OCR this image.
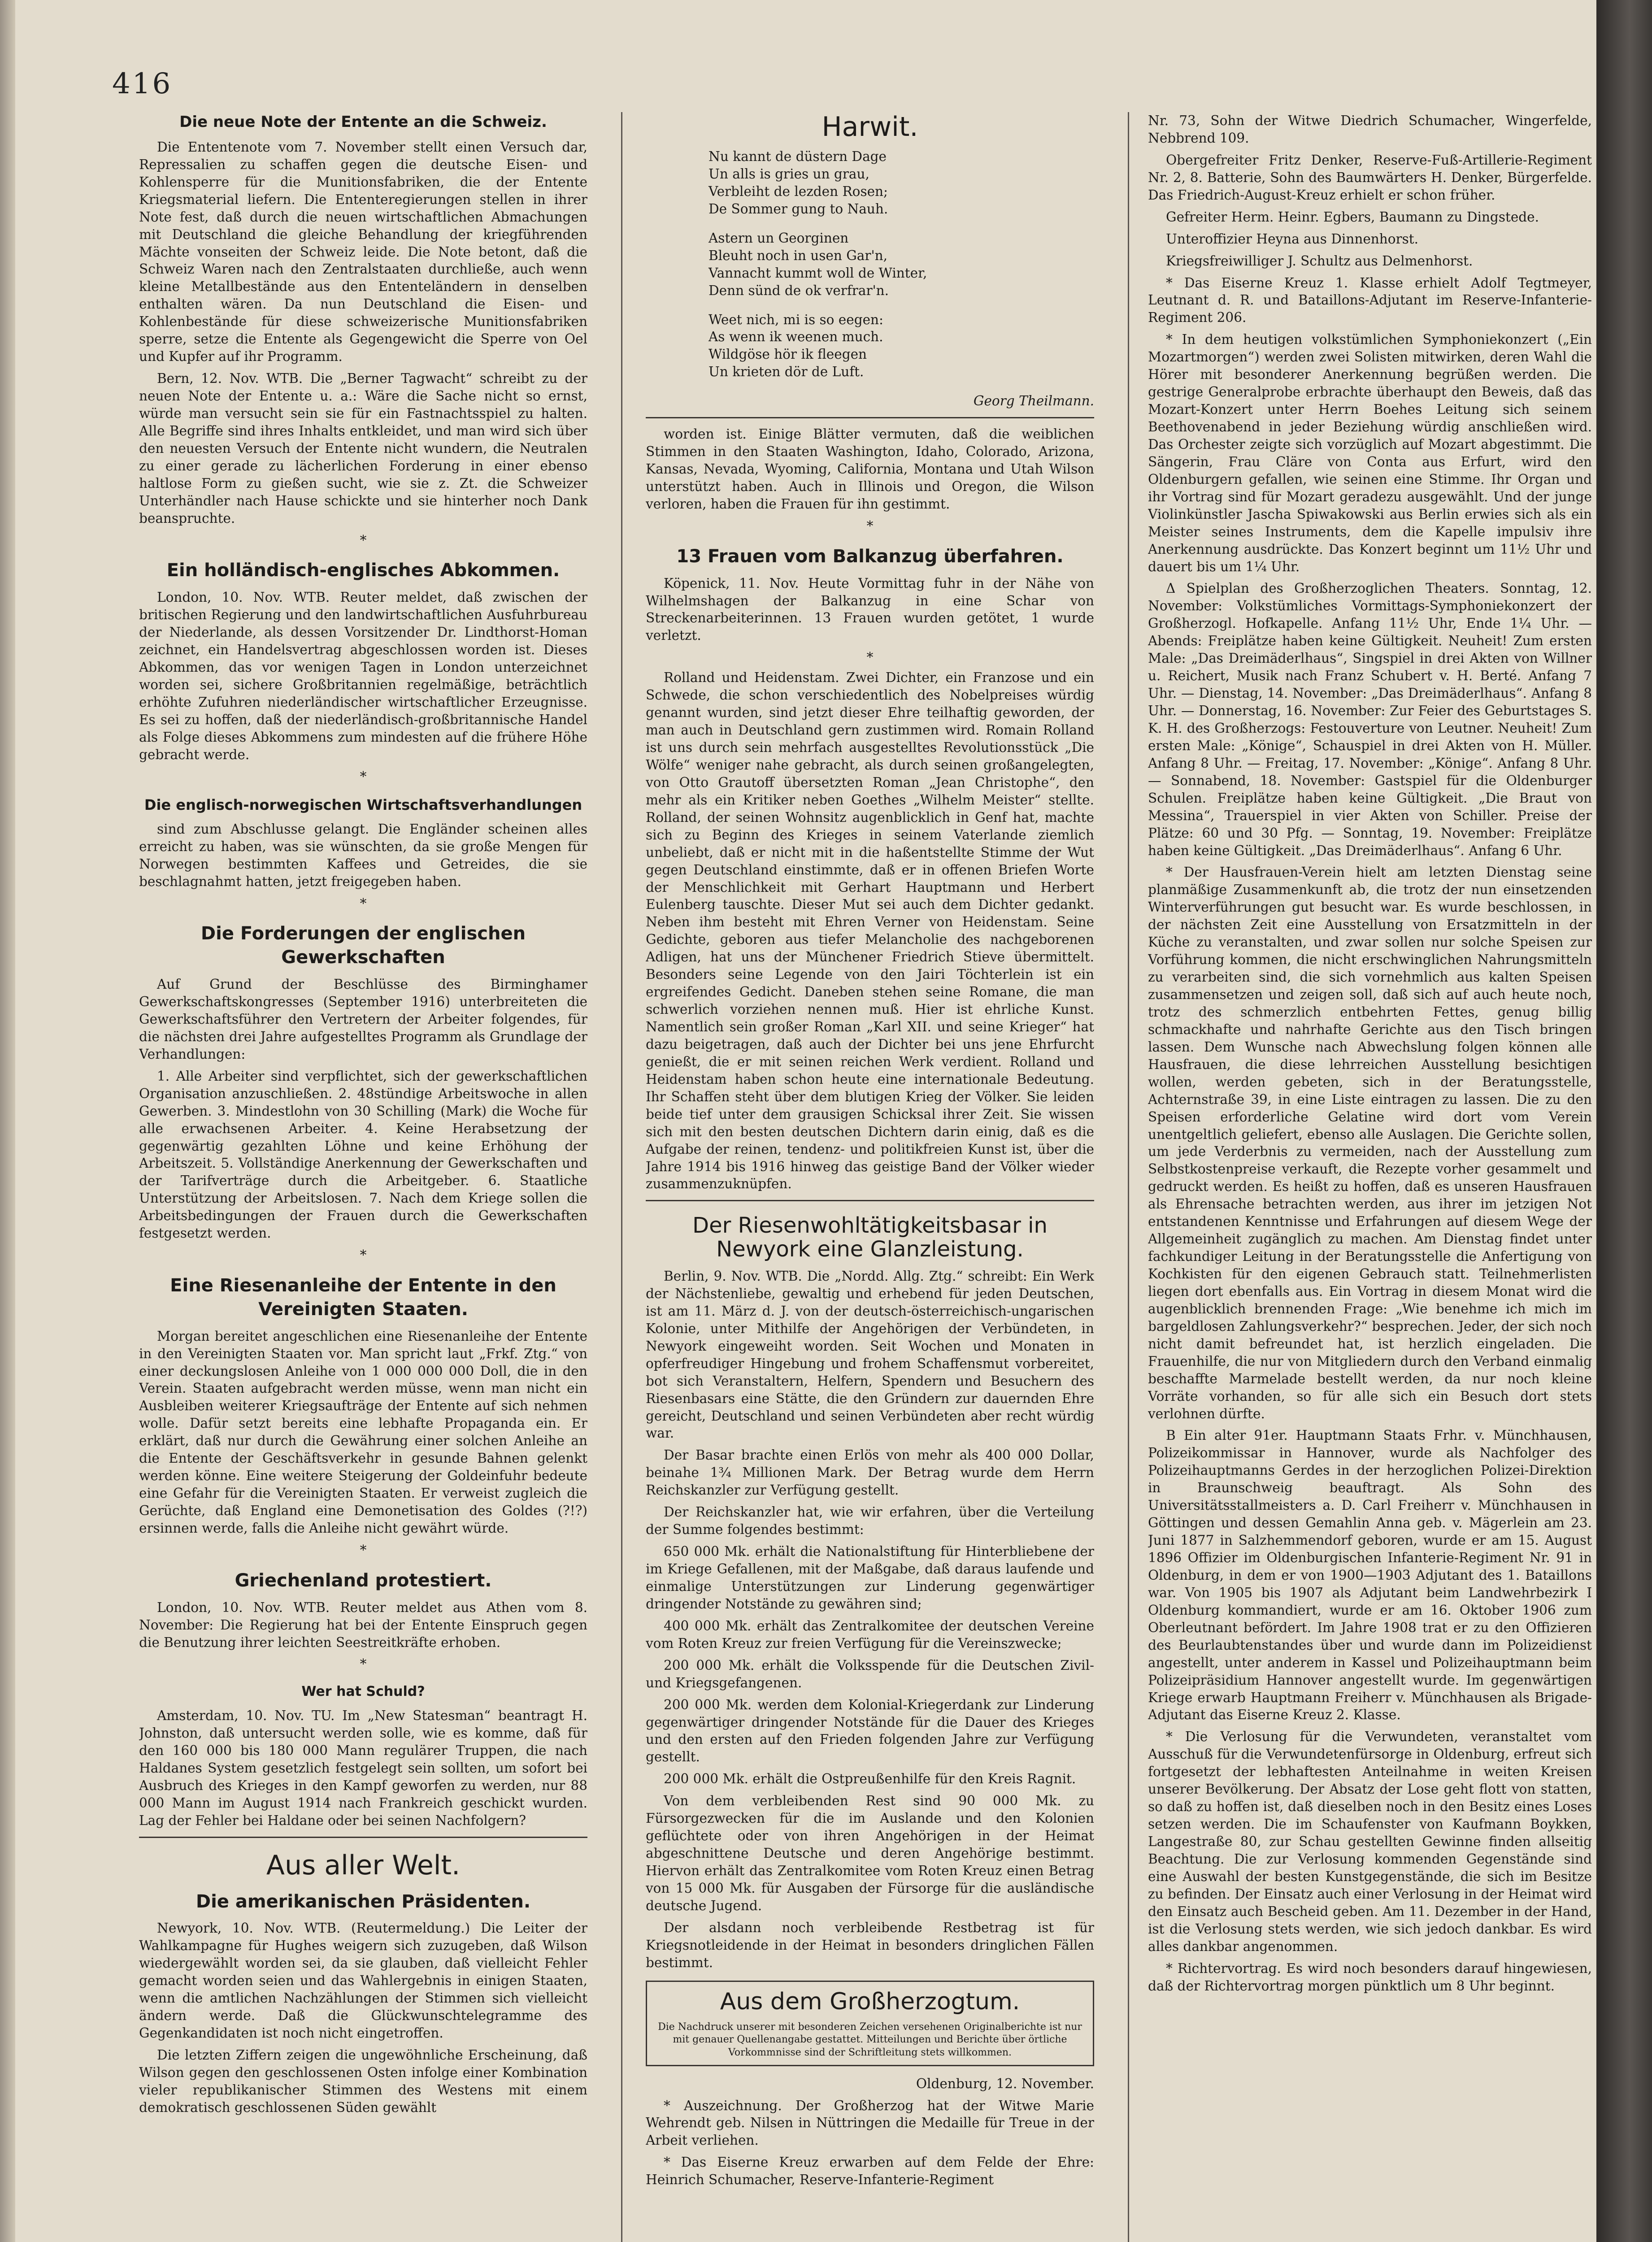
416
Die neue Note der Entente an die Schweiz.

Die Ententenote vom 7. November stellt einen Versuch dar, Repressalien zu schaffen gegen die deutsche Eisen- und Kohlensperre für die Munitionsfabriken, die der Entente Kriegsmaterial liefern. Die Ententeregierungen stellen in ihrer Note fest, daß durch die neuen wirtschaftlichen Abmachungen mit Deutschland die gleiche Behandlung der kriegführenden Mächte vonseiten der Schweiz leide. Die Note betont, daß die Schweiz Waren nach den Zentralstaaten durchließe, auch wenn kleine Metallbestände aus den Ententeländern in denselben enthalten wären. Da nun Deutschland die Eisen- und Kohlenbestände für diese schweizerische Munitionsfabriken sperre, setze die Entente als Gegengewicht die Sperre von Oel und Kupfer auf ihr Programm.

Bern, 12. Nov. WTB. Die „Berner Tagwacht“ schreibt zu der neuen Note der Entente u. a.: Wäre die Sache nicht so ernst, würde man versucht sein sie für ein Fastnachtsspiel zu halten. Alle Begriffe sind ihres Inhalts entkleidet, und man wird sich über den neuesten Versuch der Entente nicht wundern, die Neutralen zu einer gerade zu lächerlichen Forderung in einer ebenso haltlose Form zu gießen sucht, wie sie z. Zt. die Schweizer Unterhändler nach Hause schickte und sie hinterher noch Dank beanspruchte.

*
Ein holländisch-englisches Abkommen.

London, 10. Nov. WTB. Reuter meldet, daß zwischen der britischen Regierung und den landwirtschaftlichen Ausfuhrbureau der Niederlande, als dessen Vorsitzender Dr. Lindthorst-Homan zeichnet, ein Handelsvertrag abgeschlossen worden ist. Dieses Abkommen, das vor wenigen Tagen in London unterzeichnet worden sei, sichere Großbritannien regelmäßige, beträchtlich erhöhte Zufuhren niederländischer wirtschaftlicher Erzeugnisse. Es sei zu hoffen, daß der niederländisch-großbritannische Handel als Folge dieses Abkommens zum mindesten auf die frühere Höhe gebracht werde.

*
Die englisch-norwegischen Wirtschaftsverhandlungen

sind zum Abschlusse gelangt. Die Engländer scheinen alles erreicht zu haben, was sie wünschten, da sie große Mengen für Norwegen bestimmten Kaffees und Getreides, die sie beschlagnahmt hatten, jetzt freigegeben haben.

*
Die Forderungen der englischen Gewerkschaften

Auf Grund der Beschlüsse des Birminghamer Gewerkschaftskongresses (September 1916) unterbreiteten die Gewerkschaftsführer den Vertretern der Arbeiter folgendes, für die nächsten drei Jahre aufgestelltes Programm als Grundlage der Verhandlungen:

1. Alle Arbeiter sind verpflichtet, sich der gewerkschaftlichen Organisation anzuschließen. 2. 48stündige Arbeitswoche in allen Gewerben. 3. Mindestlohn von 30 Schilling (Mark) die Woche für alle erwachsenen Arbeiter. 4. Keine Herabsetzung der gegenwärtig gezahlten Löhne und keine Erhöhung der Arbeitszeit. 5. Vollständige Anerkennung der Gewerkschaften und der Tarifverträge durch die Arbeitgeber. 6. Staatliche Unterstützung der Arbeitslosen. 7. Nach dem Kriege sollen die Arbeitsbedingungen der Frauen durch die Gewerkschaften festgesetzt werden.

*
Eine Riesenanleihe der Entente in den Vereinigten Staaten.

Morgan bereitet angeschlichen eine Riesenanleihe der Entente in den Vereinigten Staaten vor. Man spricht laut „Frkf. Ztg.“ von einer deckungslosen Anleihe von 1 000 000 000 Doll, die in den Verein. Staaten aufgebracht werden müsse, wenn man nicht ein Ausbleiben weiterer Kriegsaufträge der Entente auf sich nehmen wolle. Dafür setzt bereits eine lebhafte Propaganda ein. Er erklärt, daß nur durch die Gewährung einer solchen Anleihe an die Entente der Geschäftsverkehr in gesunde Bahnen gelenkt werden könne. Eine weitere Steigerung der Goldeinfuhr bedeute eine Gefahr für die Vereinigten Staaten. Er verweist zugleich die Gerüchte, daß England eine Demonetisation des Goldes (?!?) ersinnen werde, falls die Anleihe nicht gewährt würde.

*
Griechenland protestiert.

London, 10. Nov. WTB. Reuter meldet aus Athen vom 8. November: Die Regierung hat bei der Entente Einspruch gegen die Benutzung ihrer leichten Seestreitkräfte erhoben.

*
Wer hat Schuld?

Amsterdam, 10. Nov. TU. Im „New Statesman“ beantragt H. Johnston, daß untersucht werden solle, wie es komme, daß für den 160 000 bis 180 000 Mann regulärer Truppen, die nach Haldanes System gesetzlich festgelegt sein sollten, um sofort bei Ausbruch des Krieges in den Kampf geworfen zu werden, nur 88 000 Mann im August 1914 nach Frankreich geschickt wurden. Lag der Fehler bei Haldane oder bei seinen Nachfolgern?

Aus aller Welt.
Die amerikanischen Präsidenten.

Newyork, 10. Nov. WTB. (Reutermeldung.) Die Leiter der Wahlkampagne für Hughes weigern sich zuzugeben, daß Wilson wiedergewählt worden sei, da sie glauben, daß vielleicht Fehler gemacht worden seien und das Wahlergebnis in einigen Staaten, wenn die amtlichen Nachzählungen der Stimmen sich vielleicht ändern werde. Daß die Glückwunschtelegramme des Gegenkandidaten ist noch nicht eingetroffen.

Die letzten Ziffern zeigen die ungewöhnliche Erscheinung, daß Wilson gegen den geschlossenen Osten infolge einer Kombination vieler republikanischer Stimmen des Westens mit einem demokratisch geschlossenen Süden gewählt

Harwit.

Nu kannt de düstern Dage

Un alls is gries un grau,

Verbleiht de lezden Rosen;

De Sommer gung to Nauh.

Astern un Georginen

Bleuht noch in usen Gar'n,

Vannacht kummt woll de Winter,

Denn sünd de ok verfrar'n.

Weet nich, mi is so eegen:

As wenn ik weenen much.

Wildgöse hör ik fleegen

Un krieten dör de Luft.

Georg Theilmann.

worden ist. Einige Blätter vermuten, daß die weiblichen Stimmen in den Staaten Washington, Idaho, Colorado, Arizona, Kansas, Nevada, Wyoming, California, Montana und Utah Wilson unterstützt haben. Auch in Illinois und Oregon, die Wilson verloren, haben die Frauen für ihn gestimmt.

*
13 Frauen vom Balkanzug überfahren.

Köpenick, 11. Nov. Heute Vormittag fuhr in der Nähe von Wilhelmshagen der Balkanzug in eine Schar von Streckenarbeiterinnen. 13 Frauen wurden getötet, 1 wurde verletzt.

*

Rolland und Heidenstam. Zwei Dichter, ein Franzose und ein Schwede, die schon verschiedentlich des Nobelpreises würdig genannt wurden, sind jetzt dieser Ehre teilhaftig geworden, der man auch in Deutschland gern zustimmen wird. Romain Rolland ist uns durch sein mehrfach ausgestelltes Revolutionsstück „Die Wölfe“ weniger nahe gebracht, als durch seinen großangelegten, von Otto Grautoff übersetzten Roman „Jean Christophe“, den mehr als ein Kritiker neben Goethes „Wilhelm Meister“ stellte. Rolland, der seinen Wohnsitz augenblicklich in Genf hat, machte sich zu Beginn des Krieges in seinem Vaterlande ziemlich unbeliebt, daß er nicht mit in die haßentstellte Stimme der Wut gegen Deutschland einstimmte, daß er in offenen Briefen Worte der Menschlichkeit mit Gerhart Hauptmann und Herbert Eulenberg tauschte. Dieser Mut sei auch dem Dichter gedankt. Neben ihm besteht mit Ehren Verner von Heidenstam. Seine Gedichte, geboren aus tiefer Melancholie des nachgeborenen Adligen, hat uns der Münchener Friedrich Stieve übermittelt. Besonders seine Legende von den Jairi Töchterlein ist ein ergreifendes Gedicht. Daneben stehen seine Romane, die man schwerlich vorziehen nennen muß. Hier ist ehrliche Kunst. Namentlich sein großer Roman „Karl XII. und seine Krieger“ hat dazu beigetragen, daß auch der Dichter bei uns jene Ehrfurcht genießt, die er mit seinen reichen Werk verdient. Rolland und Heidenstam haben schon heute eine internationale Bedeutung. Ihr Schaffen steht über dem blutigen Krieg der Völker. Sie leiden beide tief unter dem grausigen Schicksal ihrer Zeit. Sie wissen sich mit den besten deutschen Dichtern darin einig, daß es die Aufgabe der reinen, tendenz- und politikfreien Kunst ist, über die Jahre 1914 bis 1916 hinweg das geistige Band der Völker wieder zusammenzuknüpfen.

Der Riesenwohltätigkeitsbasar in Newyork eine Glanzleistung.

Berlin, 9. Nov. WTB. Die „Nordd. Allg. Ztg.“ schreibt: Ein Werk der Nächstenliebe, gewaltig und erhebend für jeden Deutschen, ist am 11. März d. J. von der deutsch-österreichisch-ungarischen Kolonie, unter Mithilfe der Angehörigen der Verbündeten, in Newyork eingeweiht worden. Seit Wochen und Monaten in opferfreudiger Hingebung und frohem Schaffensmut vorbereitet, bot sich Veranstaltern, Helfern, Spendern und Besuchern des Riesenbasars eine Stätte, die den Gründern zur dauernden Ehre gereicht, Deutschland und seinen Verbündeten aber recht würdig war.

Der Basar brachte einen Erlös von mehr als 400 000 Dollar, beinahe 1¾ Millionen Mark. Der Betrag wurde dem Herrn Reichskanzler zur Verfügung gestellt.

Der Reichskanzler hat, wie wir erfahren, über die Verteilung der Summe folgendes bestimmt:

650 000 Mk. erhält die Nationalstiftung für Hinterbliebene der im Kriege Gefallenen, mit der Maßgabe, daß daraus laufende und einmalige Unterstützungen zur Linderung gegenwärtiger dringender Notstände zu gewähren sind;

400 000 Mk. erhält das Zentralkomitee der deutschen Vereine vom Roten Kreuz zur freien Verfügung für die Vereinszwecke;

200 000 Mk. erhält die Volksspende für die Deutschen Zivil- und Kriegsgefangenen.

200 000 Mk. werden dem Kolonial-Kriegerdank zur Linderung gegenwärtiger dringender Notstände für die Dauer des Krieges und den ersten auf den Frieden folgenden Jahre zur Verfügung gestellt.

200 000 Mk. erhält die Ostpreußenhilfe für den Kreis Ragnit.

Von dem verbleibenden Rest sind 90 000 Mk. zu Fürsorgezwecken für die im Auslande und den Kolonien geflüchtete oder von ihren Angehörigen in der Heimat abgeschnittene Deutsche und deren Angehörige bestimmt. Hiervon erhält das Zentralkomitee vom Roten Kreuz einen Betrag von 15 000 Mk. für Ausgaben der Fürsorge für die ausländische deutsche Jugend.

Der alsdann noch verbleibende Restbetrag ist für Kriegsnotleidende in der Heimat in besonders dringlichen Fällen bestimmt.

Aus dem Großherzogtum.
Die Nachdruck unserer mit besonderen Zeichen versehenen Originalberichte ist nur mit genauer Quellenangabe gestattet. Mitteilungen und Berichte über örtliche Vorkommnisse sind der Schriftleitung stets willkommen.

Oldenburg, 12. November.

* Auszeichnung. Der Großherzog hat der Witwe Marie Wehrendt geb. Nilsen in Nüttringen die Medaille für Treue in der Arbeit verliehen.

* Das Eiserne Kreuz erwarben auf dem Felde der Ehre: Heinrich Schumacher, Reserve-Infanterie-Regiment

Nr. 73, Sohn der Witwe Diedrich Schumacher, Wingerfelde, Nebbrend 109.

Obergefreiter Fritz Denker, Reserve-Fuß-Artillerie-Regiment Nr. 2, 8. Batterie, Sohn des Baumwärters H. Denker, Bürgerfelde. Das Friedrich-August-Kreuz erhielt er schon früher.

Gefreiter Herm. Heinr. Egbers, Baumann zu Dingstede.

Unteroffizier Heyna aus Dinnenhorst.

Kriegsfreiwilliger J. Schultz aus Delmenhorst.

* Das Eiserne Kreuz 1. Klasse erhielt Adolf Tegtmeyer, Leutnant d. R. und Bataillons-Adjutant im Reserve-Infanterie-Regiment 206.

* In dem heutigen volkstümlichen Symphoniekonzert („Ein Mozartmorgen“) werden zwei Solisten mitwirken, deren Wahl die Hörer mit besonderer Anerkennung begrüßen werden. Die gestrige Generalprobe erbrachte überhaupt den Beweis, daß das Mozart-Konzert unter Herrn Boehes Leitung sich seinem Beethovenabend in jeder Beziehung würdig anschließen wird. Das Orchester zeigte sich vorzüglich auf Mozart abgestimmt. Die Sängerin, Frau Cläre von Conta aus Erfurt, wird den Oldenburgern gefallen, wie seinen eine Stimme. Ihr Organ und ihr Vortrag sind für Mozart geradezu ausgewählt. Und der junge Violinkünstler Jascha Spiwakowski aus Berlin erwies sich als ein Meister seines Instruments, dem die Kapelle impulsiv ihre Anerkennung ausdrückte. Das Konzert beginnt um 11½ Uhr und dauert bis um 1¼ Uhr.

Δ Spielplan des Großherzoglichen Theaters. Sonntag, 12. November: Volkstümliches Vormittags-Symphoniekonzert der Großherzogl. Hofkapelle. Anfang 11½ Uhr, Ende 1¼ Uhr. — Abends: Freiplätze haben keine Gültigkeit. Neuheit! Zum ersten Male: „Das Dreimäderlhaus“, Singspiel in drei Akten von Willner u. Reichert, Musik nach Franz Schubert v. H. Berté. Anfang 7 Uhr. — Dienstag, 14. November: „Das Dreimäderlhaus“. Anfang 8 Uhr. — Donnerstag, 16. November: Zur Feier des Geburtstages S. K. H. des Großherzogs: Festouverture von Leutner. Neuheit! Zum ersten Male: „Könige“, Schauspiel in drei Akten von H. Müller. Anfang 8 Uhr. — Freitag, 17. November: „Könige“. Anfang 8 Uhr. — Sonnabend, 18. November: Gastspiel für die Oldenburger Schulen. Freiplätze haben keine Gültigkeit. „Die Braut von Messina“, Trauerspiel in vier Akten von Schiller. Preise der Plätze: 60 und 30 Pfg. — Sonntag, 19. November: Freiplätze haben keine Gültigkeit. „Das Dreimäderlhaus“. Anfang 6 Uhr.

* Der Hausfrauen-Verein hielt am letzten Dienstag seine planmäßige Zusammenkunft ab, die trotz der nun einsetzenden Winterverführungen gut besucht war. Es wurde beschlossen, in der nächsten Zeit eine Ausstellung von Ersatzmitteln in der Küche zu veranstalten, und zwar sollen nur solche Speisen zur Vorführung kommen, die nicht erschwinglichen Nahrungsmitteln zu verarbeiten sind, die sich vornehmlich aus kalten Speisen zusammensetzen und zeigen soll, daß sich auf auch heute noch, trotz des schmerzlich entbehrten Fettes, genug billig schmackhafte und nahrhafte Gerichte aus den Tisch bringen lassen. Dem Wunsche nach Abwechslung folgen können alle Hausfrauen, die diese lehrreichen Ausstellung besichtigen wollen, werden gebeten, sich in der Beratungsstelle, Achternstraße 39, in eine Liste eintragen zu lassen. Die zu den Speisen erforderliche Gelatine wird dort vom Verein unentgeltlich geliefert, ebenso alle Auslagen. Die Gerichte sollen, um jede Verderbnis zu vermeiden, nach der Ausstellung zum Selbstkostenpreise verkauft, die Rezepte vorher gesammelt und gedruckt werden. Es heißt zu hoffen, daß es unseren Hausfrauen als Ehrensache betrachten werden, aus ihrer im jetzigen Not entstandenen Kenntnisse und Erfahrungen auf diesem Wege der Allgemeinheit zugänglich zu machen. Am Dienstag findet unter fachkundiger Leitung in der Beratungsstelle die Anfertigung von Kochkisten für den eigenen Gebrauch statt. Teilnehmerlisten liegen dort ebenfalls aus. Ein Vortrag in diesem Monat wird die augenblicklich brennenden Frage: „Wie benehme ich mich im bargeldlosen Zahlungsverkehr?“ besprechen. Jeder, der sich noch nicht damit befreundet hat, ist herzlich eingeladen. Die Frauenhilfe, die nur von Mitgliedern durch den Verband einmalig beschaffte Marmelade bestellt werden, da nur noch kleine Vorräte vorhanden, so für alle sich ein Besuch dort stets verlohnen dürfte.

B Ein alter 91er. Hauptmann Staats Frhr. v. Münchhausen, Polizeikommissar in Hannover, wurde als Nachfolger des Polizeihauptmanns Gerdes in der herzoglichen Polizei-Direktion in Braunschweig beauftragt. Als Sohn des Universitätsstallmeisters a. D. Carl Freiherr v. Münchhausen in Göttingen und dessen Gemahlin Anna geb. v. Mägerlein am 23. Juni 1877 in Salzhemmendorf geboren, wurde er am 15. August 1896 Offizier im Oldenburgischen Infanterie-Regiment Nr. 91 in Oldenburg, in dem er von 1900—1903 Adjutant des 1. Bataillons war. Von 1905 bis 1907 als Adjutant beim Landwehrbezirk I Oldenburg kommandiert, wurde er am 16. Oktober 1906 zum Oberleutnant befördert. Im Jahre 1908 trat er zu den Offizieren des Beurlaubtenstandes über und wurde dann im Polizeidienst angestellt, unter anderem in Kassel und Polizeihauptmann beim Polizeipräsidium Hannover angestellt wurde. Im gegenwärtigen Kriege erwarb Hauptmann Freiherr v. Münchhausen als Brigade-Adjutant das Eiserne Kreuz 2. Klasse.

* Die Verlosung für die Verwundeten, veranstaltet vom Ausschuß für die Verwundetenfürsorge in Oldenburg, erfreut sich fortgesetzt der lebhaftesten Anteilnahme in weiten Kreisen unserer Bevölkerung. Der Absatz der Lose geht flott von statten, so daß zu hoffen ist, daß dieselben noch in den Besitz eines Loses setzen werden. Die im Schaufenster von Kaufmann Boykken, Langestraße 80, zur Schau gestellten Gewinne finden allseitig Beachtung. Die zur Verlosung kommenden Gegenstände sind eine Auswahl der besten Kunstgegenstände, die sich im Besitze zu befinden. Der Einsatz auch einer Verlosung in der Heimat wird den Einsatz auch Bescheid geben. Am 11. Dezember in der Hand, ist die Verlosung stets werden, wie sich jedoch dankbar. Es wird alles dankbar angenommen.

* Richtervortrag. Es wird noch besonders darauf hingewiesen, daß der Richtervortrag morgen pünktlich um 8 Uhr beginnt.
